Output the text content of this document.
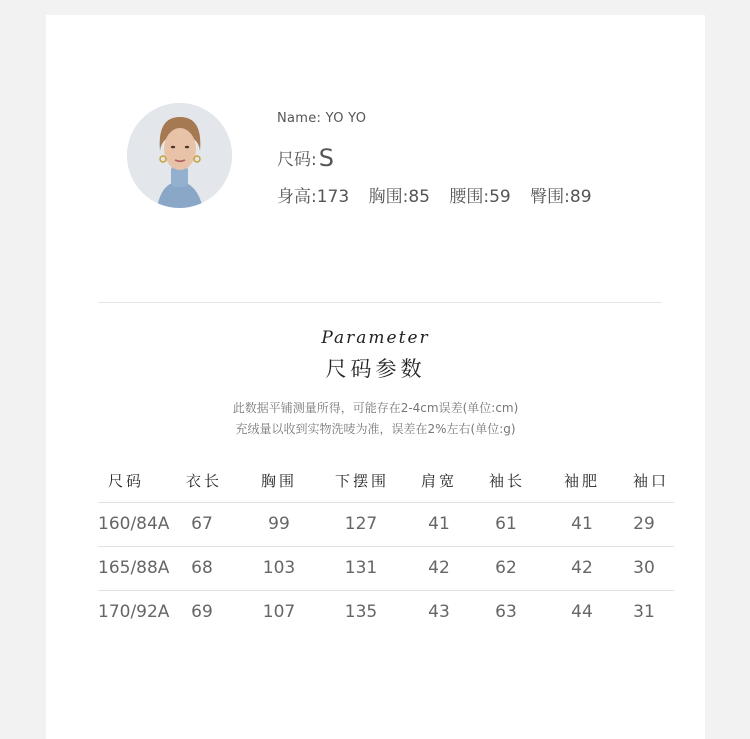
Name: YO YO
尺码:S
身高:173 胸围:85 腰围:59 臀围:89
Parameter
尺码参数
此数据平铺测量所得，可能存在2-4cm误差(单位:cm)
充绒量以收到实物洗唛为准，误差在2%左右(单位:g)
尺码	衣长	胸围	下摆围	肩宽	袖长	袖肥	袖口
160/84A	67	99	127	41	61	41	29
165/88A	68	103	131	42	62	42	30
170/92A	69	107	135	43	63	44	31
